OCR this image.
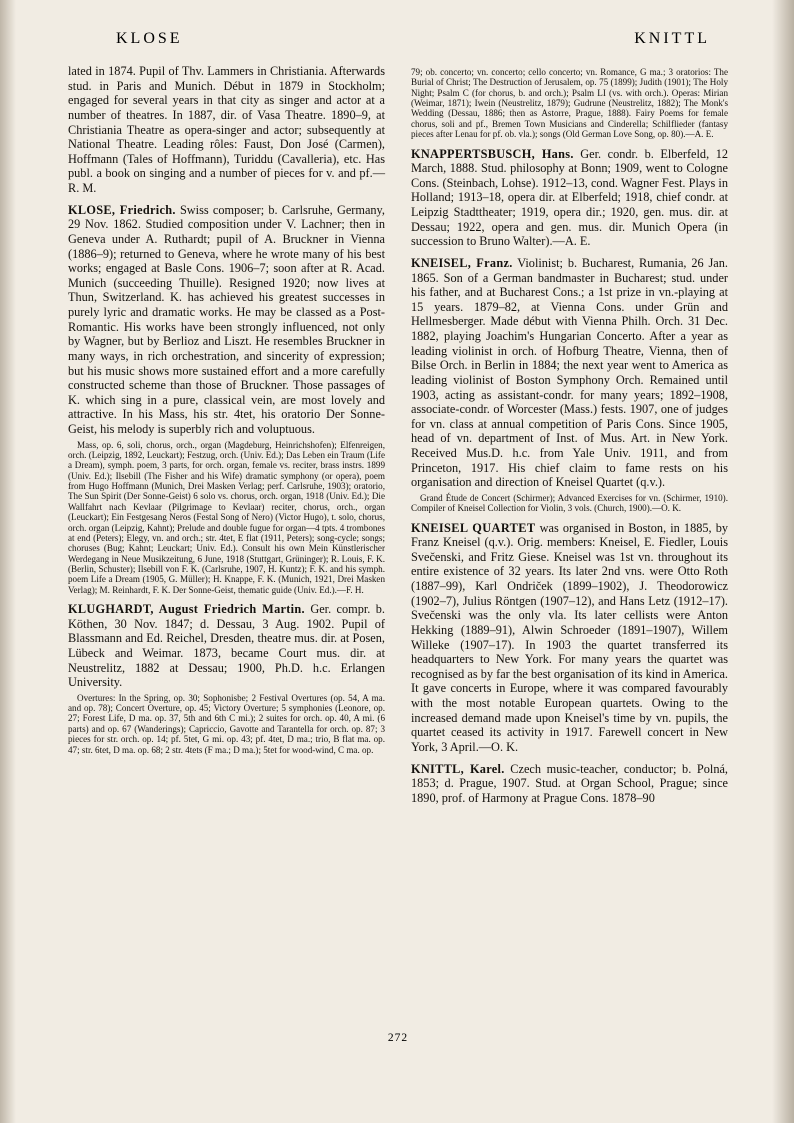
KLOSE	KNITTL

lated in 1874. Pupil of Thv. Lammers in Christiania. Afterwards stud. in Paris and Munich. Début in 1879 in Stockholm; engaged for several years in that city as singer and actor at a number of theatres. In 1887, dir. of Vasa Theatre. 1890–9, at Christiania Theatre as opera-singer and actor; subsequently at National Theatre. Leading rôles: Faust, Don José (Carmen), Hoffmann (Tales of Hoffmann), Turiddu (Cavalleria), etc. Has publ. a book on singing and a number of pieces for v. and pf.—R. M.

KLOSE, Friedrich. Swiss composer; b. Carlsruhe, Germany, 29 Nov. 1862. Studied composition under V. Lachner; then in Geneva under A. Ruthardt; pupil of A. Bruckner in Vienna (1886–9); returned to Geneva, where he wrote many of his best works; engaged at Basle Cons. 1906–7; soon after at R. Acad. Munich (succeeding Thuille). Resigned 1920; now lives at Thun, Switzerland. K. has achieved his greatest successes in purely lyric and dramatic works. He may be classed as a Post-Romantic. His works have been strongly influenced, not only by Wagner, but by Berlioz and Liszt. He resembles Bruckner in many ways, in rich orchestration, and sincerity of expression; but his music shows more sustained effort and a more carefully constructed scheme than those of Bruckner. Those passages of K. which sing in a pure, classical vein, are most lovely and attractive. In his Mass, his str. 4tet, his oratorio Der Sonne-Geist, his melody is superbly rich and voluptuous.

Mass, op. 6, soli, chorus, orch., organ (Magdeburg, Heinrichshofen); Elfenreigen, orch. (Leipzig, 1892, Leuckart); Festzug, orch. (Univ. Ed.); Das Leben ein Traum (Life a Dream), symph. poem, 3 parts, for orch. organ, female vs. reciter, brass instrs. 1899 (Univ. Ed.); Ilsebill (The Fisher and his Wife) dramatic symphony (or opera), poem from Hugo Hoffmann (Munich, Drei Masken Verlag; perf. Carlsruhe, 1903); oratorio, The Sun Spirit (Der Sonne-Geist) 6 solo vs. chorus, orch. organ, 1918 (Univ. Ed.); Die Wallfahrt nach Kevlaar (Pilgrimage to Kevlaar) reciter, chorus, orch., organ (Leuckart); Ein Festgesang Neros (Festal Song of Nero) (Victor Hugo), t. solo, chorus, orch. organ (Leipzig, Kahnt); Prelude and double fugue for organ—4 tpts. 4 trombones at end (Peters); Elegy, vn. and orch.; str. 4tet, E flat (1911, Peters); song-cycle; songs; choruses (Bug; Kahnt; Leuckart; Univ. Ed.). Consult his own Mein Künstlerischer Werdegang in Neue Musikzeitung, 6 June, 1918 (Stuttgart, Grüninger); R. Louis, F. K. (Berlin, Schuster); Ilsebill von F. K. (Carlsruhe, 1907, H. Kuntz); F. K. and his symph. poem Life a Dream (1905, G. Müller); H. Knappe, F. K. (Munich, 1921, Drei Masken Verlag); M. Reinhardt, F. K. Der Sonne-Geist, thematic guide (Univ. Ed.).—F. H.

KLUGHARDT, August Friedrich Martin. Ger. compr. b. Köthen, 30 Nov. 1847; d. Dessau, 3 Aug. 1902. Pupil of Blassmann and Ed. Reichel, Dresden, theatre mus. dir. at Posen, Lübeck and Weimar. 1873, became Court mus. dir. at Neustrelitz, 1882 at Dessau; 1900, Ph.D. h.c. Erlangen University.

Overtures: In the Spring, op. 30; Sophonisbe; 2 Festival Overtures (op. 54, A ma. and op. 78); Concert Overture, op. 45; Victory Overture; 5 symphonies (Leonore, op. 27; Forest Life, D ma. op. 37, 5th and 6th C mi.); 2 suites for orch. op. 40, A mi. (6 parts) and op. 67 (Wanderings); Capriccio, Gavotte and Tarantella for orch. op. 87; 3 pieces for str. orch. op. 14; pf. 5tet, G mi. op. 43; pf. 4tet, D ma.; trio, B flat ma. op. 47; str. 6tet, D ma. op. 68; 2 str. 4tets (F ma.; D ma.); 5tet for wood-wind, C ma. op.

79; ob. concerto; vn. concerto; cello concerto; vn. Romance, G ma.; 3 oratorios: The Burial of Christ; The Destruction of Jerusalem, op. 75 (1899); Judith (1901); The Holy Night; Psalm C (for chorus, b. and orch.); Psalm LI (vs. with orch.). Operas: Mirian (Weimar, 1871); Iwein (Neustrelitz, 1879); Gudrune (Neustrelitz, 1882); The Monk's Wedding (Dessau, 1886; then as Astorre, Prague, 1888). Fairy Poems for female chorus, soli and pf., Bremen Town Musicians and Cinderella; Schilflieder (fantasy pieces after Lenau for pf. ob. vla.); songs (Old German Love Song, op. 80).—A. E.

KNAPPERTSBUSCH, Hans. Ger. condr. b. Elberfeld, 12 March, 1888. Stud. philosophy at Bonn; 1909, went to Cologne Cons. (Steinbach, Lohse). 1912–13, cond. Wagner Fest. Plays in Holland; 1913–18, opera dir. at Elberfeld; 1918, chief condr. at Leipzig Stadttheater; 1919, opera dir.; 1920, gen. mus. dir. at Dessau; 1922, opera and gen. mus. dir. Munich Opera (in succession to Bruno Walter).—A. E.

KNEISEL, Franz. Violinist; b. Bucharest, Rumania, 26 Jan. 1865. Son of a German bandmaster in Bucharest; stud. under his father, and at Bucharest Cons.; a 1st prize in vn.-playing at 15 years. 1879–82, at Vienna Cons. under Grün and Hellmesberger. Made début with Vienna Philh. Orch. 31 Dec. 1882, playing Joachim's Hungarian Concerto. After a year as leading violinist in orch. of Hofburg Theatre, Vienna, then of Bilse Orch. in Berlin in 1884; the next year went to America as leading violinist of Boston Symphony Orch. Remained until 1903, acting as assistant-condr. for many years; 1892–1908, associate-condr. of Worcester (Mass.) fests. 1907, one of judges for vn. class at annual competition of Paris Cons. Since 1905, head of vn. department of Inst. of Mus. Art. in New York. Received Mus.D. h.c. from Yale Univ. 1911, and from Princeton, 1917. His chief claim to fame rests on his organisation and direction of Kneisel Quartet (q.v.).

Grand Étude de Concert (Schirmer); Advanced Exercises for vn. (Schirmer, 1910). Compiler of Kneisel Collection for Violin, 3 vols. (Church, 1900).—O. K.

KNEISEL QUARTET was organised in Boston, in 1885, by Franz Kneisel (q.v.). Orig. members: Kneisel, E. Fiedler, Louis Svečenski, and Fritz Giese. Kneisel was 1st vn. throughout its entire existence of 32 years. Its later 2nd vns. were Otto Roth (1887–99), Karl Ondriček (1899–1902), J. Theodorowicz (1902–7), Julius Röntgen (1907–12), and Hans Letz (1912–17). Svečenski was the only vla. Its later cellists were Anton Hekking (1889–91), Alwin Schroeder (1891–1907), Willem Willeke (1907–17). In 1903 the quartet transferred its headquarters to New York. For many years the quartet was recognised as by far the best organisation of its kind in America. It gave concerts in Europe, where it was compared favourably with the most notable European quartets. Owing to the increased demand made upon Kneisel's time by vn. pupils, the quartet ceased its activity in 1917. Farewell concert in New York, 3 April.—O. K.

KNITTL, Karel. Czech music-teacher, conductor; b. Polná, 1853; d. Prague, 1907. Stud. at Organ School, Prague; since 1890, prof. of Harmony at Prague Cons. 1878–90

272
